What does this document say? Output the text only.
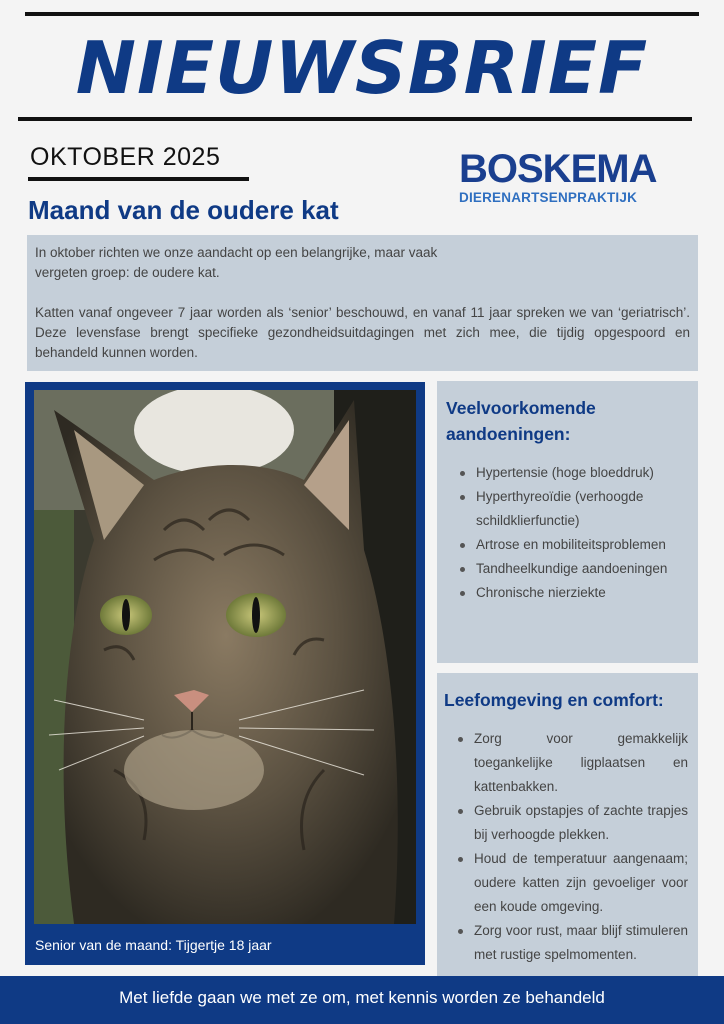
NIEUWSBRIEF
OKTOBER 2025
Maand van de oudere kat
BOSKEMA
DIERENARTSENPRAKTIJK

In oktober richten we onze aandacht op een belangrijke, maar vaak vergeten groep: de oudere kat.

Katten vanaf ongeveer 7 jaar worden als ‘senior’ beschouwd, en vanaf 11 jaar spreken we van ‘geriatrisch’. Deze levensfase brengt specifieke gezondheidsuitdagingen met zich mee, die tijdig opgespoord en behandeld kunnen worden.

Senior van de maand: Tijgertje 18 jaar
Veelvoorkomende aandoeningen:
Hypertensie (hoge bloeddruk)
Hyperthyreoïdie (verhoogde schildklierfunctie)
Artrose en mobiliteitsproblemen
Tandheelkundige aandoeningen
Chronische nierziekte
Leefomgeving en comfort:
Zorg voor gemakkelijk toegankelijke ligplaatsen en kattenbakken.
Gebruik opstapjes of zachte trapjes bij verhoogde plekken.
Houd de temperatuur aangenaam; oudere katten zijn gevoeliger voor een koude omgeving.
Zorg voor rust, maar blijf stimuleren met rustige spelmomenten.
Met liefde gaan we met ze om, met kennis worden ze behandeld
